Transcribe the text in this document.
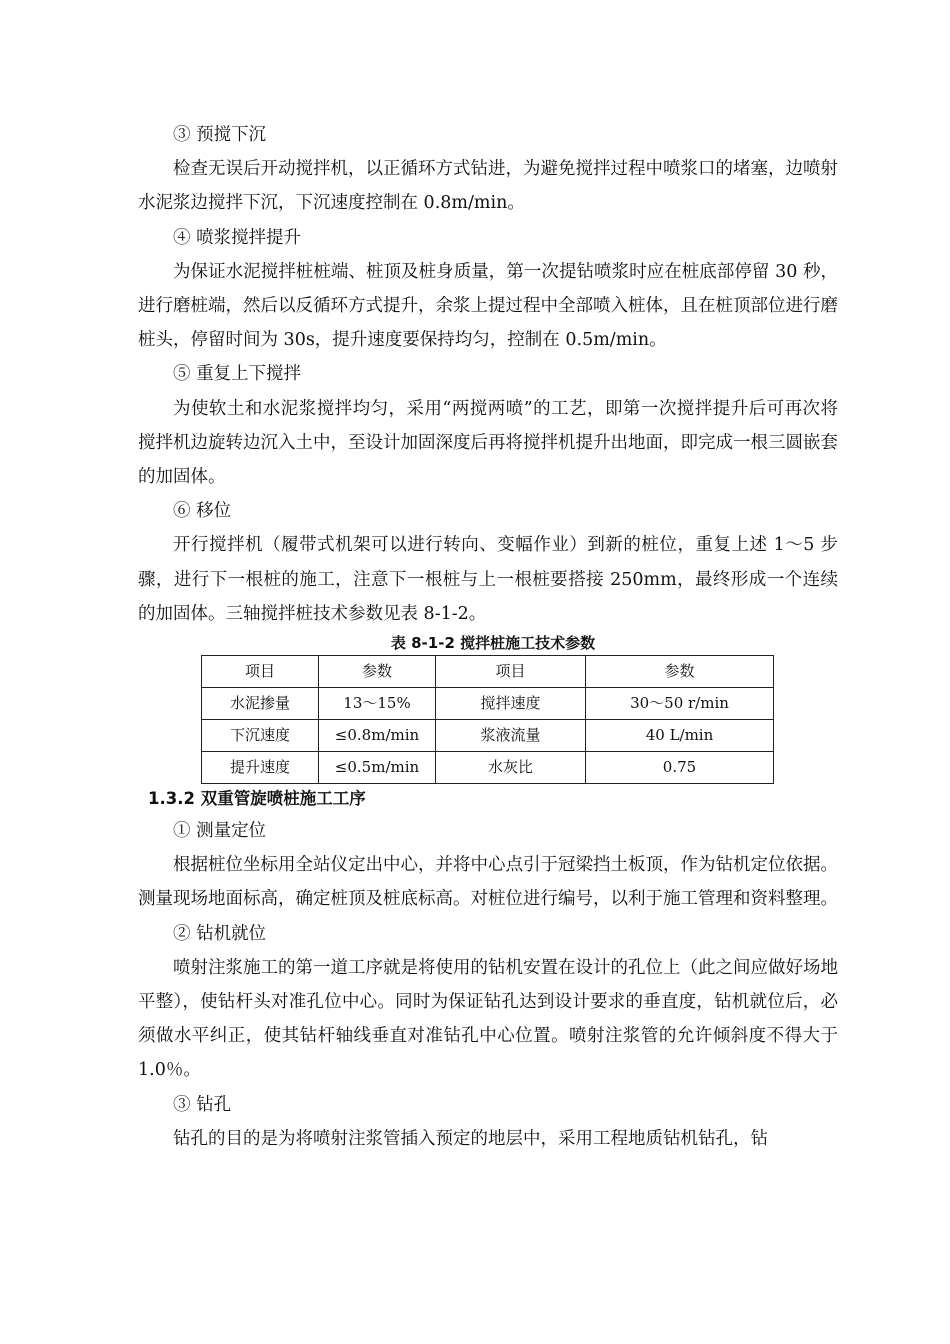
③ 预搅下沉

检查无误后开动搅拌机，以正循环方式钻进，为避免搅拌过程中喷浆口的堵塞，边喷射水泥浆边搅拌下沉，下沉速度控制在 0.8m/min。

④ 喷浆搅拌提升

为保证水泥搅拌桩桩端、桩顶及桩身质量，第一次提钻喷浆时应在桩底部停留 30 秒，进行磨桩端，然后以反循环方式提升，余浆上提过程中全部喷入桩体，且在桩顶部位进行磨桩头，停留时间为 30s，提升速度要保持均匀，控制在 0.5m/min。

⑤ 重复上下搅拌

为使软土和水泥浆搅拌均匀，采用“两搅两喷”的工艺，即第一次搅拌提升后可再次将搅拌机边旋转边沉入土中，至设计加固深度后再将搅拌机提升出地面，即完成一根三圆嵌套的加固体。

⑥ 移位

开行搅拌机（履带式机架可以进行转向、变幅作业）到新的桩位，重复上述 1～5 步骤，进行下一根桩的施工，注意下一根桩与上一根桩要搭接 250mm，最终形成一个连续的加固体。三轴搅拌桩技术参数见表 8-1-2。

表 8-1-2 搅拌桩施工技术参数

项目	参数	项目	参数
水泥掺量	13～15%	搅拌速度	30～50 r/min
下沉速度	≤0.8m/min	浆液流量	40 L/min
提升速度	≤0.5m/min	水灰比	0.75

1.3.2 双重管旋喷桩施工工序

① 测量定位

根据桩位坐标用全站仪定出中心，并将中心点引于冠梁挡土板顶，作为钻机定位依据。测量现场地面标高，确定桩顶及桩底标高。对桩位进行编号，以利于施工管理和资料整理。

② 钻机就位

喷射注浆施工的第一道工序就是将使用的钻机安置在设计的孔位上（此之间应做好场地平整），使钻杆头对准孔位中心。同时为保证钻孔达到设计要求的垂直度，钻机就位后，必须做水平纠正，使其钻杆轴线垂直对准钻孔中心位置。喷射注浆管的允许倾斜度不得大于 1.0％。

③ 钻孔

钻孔的目的是为将喷射注浆管插入预定的地层中，采用工程地质钻机钻孔，钻
